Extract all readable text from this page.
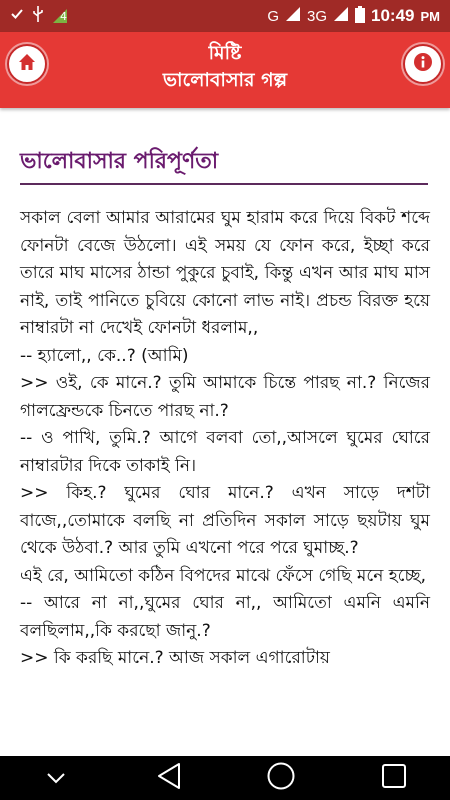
4	G 3G	10:49 PM
মিষ্টি
ভালোবাসার গল্প
ভালোবাসার পরিপূর্ণতা

সকাল বেলা আমার আরামের ঘুম হারাম করে দিয়ে বিকট শব্দে ফোনটা বেজে উঠলো। এই সময় যে ফোন করে, ইচ্ছা করে তারে মাঘ মাসের ঠান্ডা পুকুরে চুবাই, কিন্তু এখন আর মাঘ মাস নাই, তাই পানিতে চুবিয়ে কোনো লাভ নাই। প্রচন্ড বিরক্ত হয়ে নাম্বারটা না দেখেই ফোনটা ধরলাম,,

-- হ্যালো,, কে..? (আমি)

>> ওই, কে মানে.? তুমি আমাকে চিন্তে পারছ না.? নিজের গালফ্রেন্ডকে চিনতে পারছ না.?

-- ও পাখি, তুমি.? আগে বলবা তো,,আসলে ঘুমের ঘোরে নাম্বারটার দিকে তাকাই নি।

>> কিহ.? ঘুমের ঘোর মানে.? এখন সাড়ে দশটা বাজে,,তোমাকে বলছি না প্রতিদিন সকাল সাড়ে ছয়টায় ঘুম থেকে উঠবা.? আর তুমি এখনো পরে পরে ঘুমাচ্ছ.?

এই রে, আমিতো কঠিন বিপদের মাঝে ফেঁসে গেছি মনে হচ্ছে,

-- আরে না না,,ঘুমের ঘোর না,, আমিতো এমনি এমনি বলছিলাম,,কি করছো জানু.?

>> কি করছি মানে.? আজ সকাল এগারোটায়
